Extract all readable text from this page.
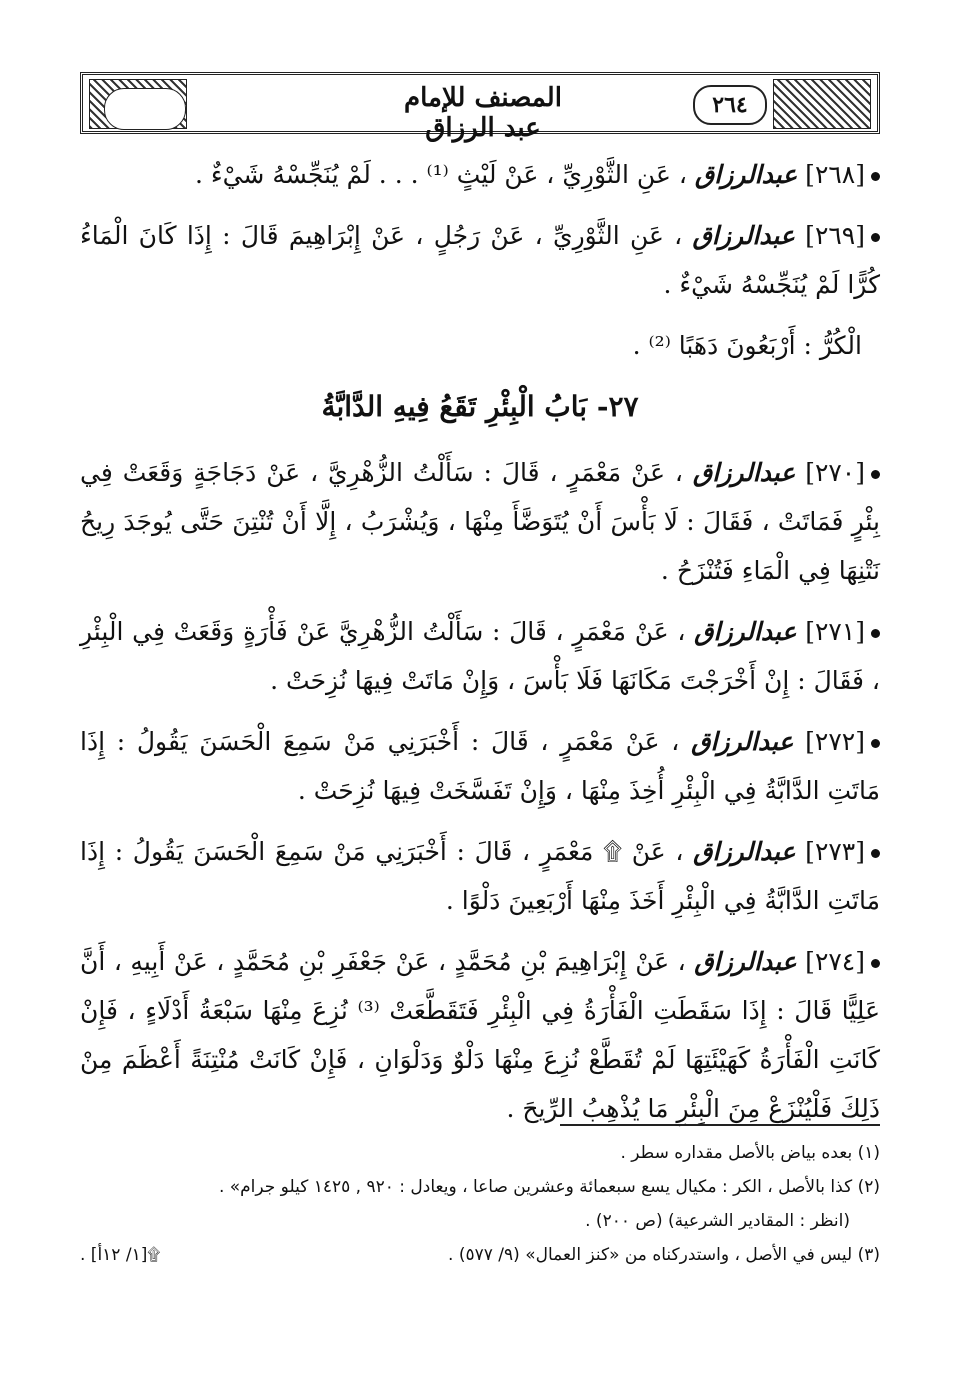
المصنف للإمام عبد الرزاق
٢٦٤

[٢٦٨] عبدالرزاق ، عَنِ الثَّوْرِيِّ ، عَنْ لَيْثٍ ⁽¹⁾ . . . لَمْ يُنَجِّسْهُ شَيْءٌ .

[٢٦٩] عبدالرزاق ، عَنِ الثَّوْرِيِّ ، عَنْ رَجُلٍ ، عَنْ إِبْرَاهِيمَ قَالَ : إِذَا كَانَ الْمَاءُ كُرًّا لَمْ يُنَجِّسْهُ شَيْءٌ .

الْكُرُّ : أَرْبَعُونَ دَهَبًا ⁽²⁾ .

٢٧- بَابُ الْبِئْرِ تَقَعُ فِيهِ الدَّابَّةُ

[٢٧٠] عبدالرزاق ، عَنْ مَعْمَرٍ ، قَالَ : سَأَلْتُ الزُّهْرِيَّ ، عَنْ دَجَاجَةٍ وَقَعَتْ فِي بِئْرٍ فَمَاتَتْ ، فَقَالَ : لَا بَأْسَ أَنْ يُتَوَضَّأَ مِنْهَا ، وَيُشْرَبُ ، إِلَّا أَنْ تُنْتِنَ حَتَّى يُوجَدَ رِيحُ نَتْنِهَا فِي الْمَاءِ فَتُنْزَحُ .

[٢٧١] عبدالرزاق ، عَنْ مَعْمَرٍ ، قَالَ : سَأَلْتُ الزُّهْرِيَّ عَنْ فَأْرَةٍ وَقَعَتْ فِي الْبِئْرِ ، فَقَالَ : إِنْ أَخْرَجْتَ مَكَانَهَا فَلَا بَأْسَ ، وَإِنْ مَاتَتْ فِيهَا نُزِحَتْ .

[٢٧٢] عبدالرزاق ، عَنْ مَعْمَرٍ ، قَالَ : أَخْبَرَنِي مَنْ سَمِعَ الْحَسَنَ يَقُولُ : إِذَا مَاتَتِ الدَّابَّةُ فِي الْبِئْرِ أُخِذَ مِنْهَا ، وَإِنْ تَفَسَّخَتْ فِيهَا نُزِحَتْ .

[٢٧٣] عبدالرزاق ، عَنْ ۩ مَعْمَرٍ ، قَالَ : أَخْبَرَنِي مَنْ سَمِعَ الْحَسَنَ يَقُولُ : إِذَا مَاتَتِ الدَّابَّةُ فِي الْبِئْرِ أَخَذَ مِنْهَا أَرْبَعِينَ دَلْوًا .

[٢٧٤] عبدالرزاق ، عَنْ إِبْرَاهِيمَ بْنِ مُحَمَّدٍ ، عَنْ جَعْفَرِ بْنِ مُحَمَّدٍ ، عَنْ أَبِيهِ ، أَنَّ عَلِيًّا قَالَ : إِذَا سَقَطَتِ الْفَأْرَةُ فِي الْبِئْرِ فَتَقَطَّعَتْ ⁽³⁾ نُزِعَ مِنْهَا سَبْعَةُ أَدْلَاءٍ ، فَإِنْ كَانَتِ الْفَأْرَةُ كَهَيْئَتِهَا لَمْ تُقَطَّعْ نُزِعَ مِنْهَا دَلْوٌ وَدَلْوَانِ ، فَإِنْ كَانَتْ مُنْتِنَةً أَعْظَمَ مِنْ ذَلِكَ فَلْيُنْزَعْ مِنَ الْبِئْرِ مَا يُذْهِبُ الرِّيحَ .

(١) بعده بياض بالأصل مقداره سطر .

(٢) كذا بالأصل ، الكر : مكيال يسع سبعمائة وعشرين صاعا ، ويعادل : ٩٢٠ , ١٤٢٥ كيلو جرام» .

(انظر : المقادير الشرعية) (ص ٢٠٠) .

(٣) ليس في الأصل ، واستدركناه من «كنز العمال» (٩/ ٥٧٧) .
۩[١/ ١٢أ] .
